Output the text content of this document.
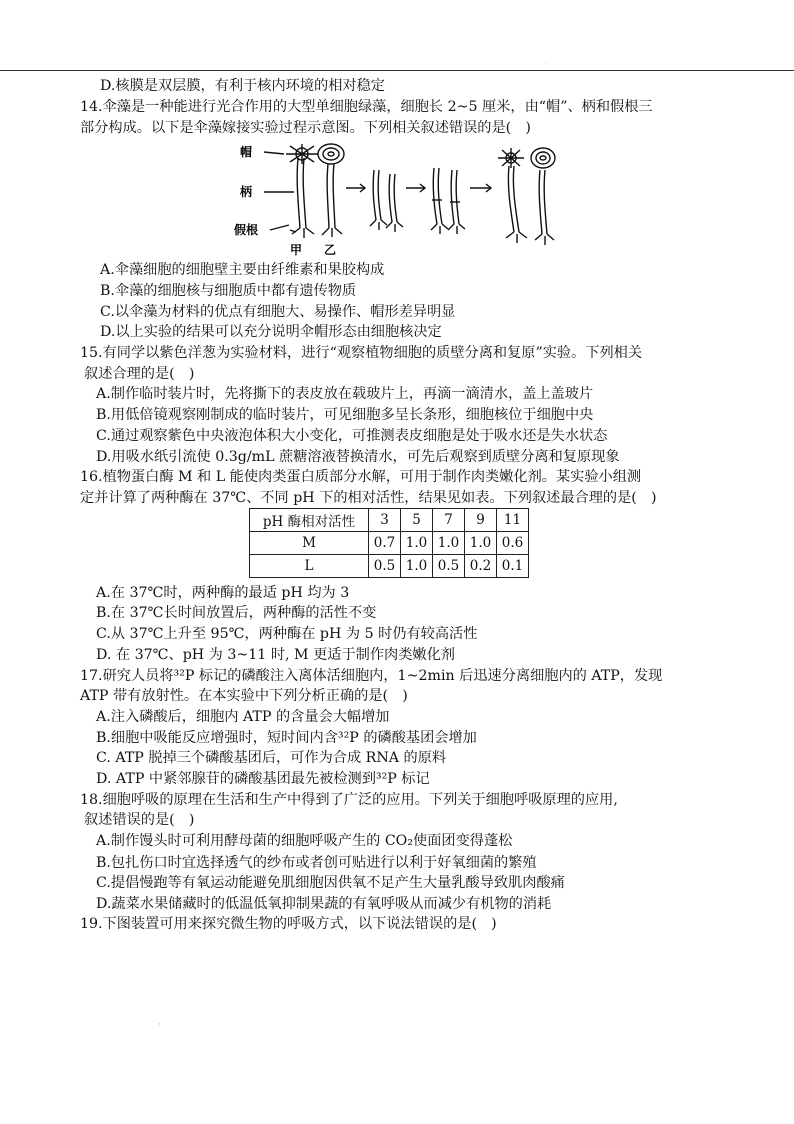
D.核膜是双层膜，有利于核内环境的相对稳定
14.伞藻是一种能进行光合作用的大型单细胞绿藻，细胞长 2~5 厘米，由“帽”、柄和假根三
部分构成。以下是伞藻嫁接实验过程示意图。下列相关叙述错误的是(　)
帽
柄
假根
甲 乙
A.伞藻细胞的细胞壁主要由纤维素和果胶构成
B.伞藻的细胞核与细胞质中都有遗传物质
C.以伞藻为材料的优点有细胞大、易操作、帽形差异明显
D.以上实验的结果可以充分说明伞帽形态由细胞核决定
15.有同学以紫色洋葱为实验材料，进行“观察植物细胞的质壁分离和复原”实验。下列相关
叙述合理的是(　)
A.制作临时装片时，先将撕下的表皮放在载玻片上，再滴一滴清水，盖上盖玻片
B.用低倍镜观察刚制成的临时装片，可见细胞多呈长条形，细胞核位于细胞中央
C.通过观察紫色中央液泡体积大小变化，可推测表皮细胞是处于吸水还是失水状态
D.用吸水纸引流使 0.3g/mL 蔗糖溶液替换清水，可先后观察到质壁分离和复原现象
16.植物蛋白酶 M 和 L 能使肉类蛋白质部分水解，可用于制作肉类嫩化剂。某实验小组测
定并计算了两种酶在 37℃、不同 pH 下的相对活性，结果见如表。下列叙述最合理的是(　)
pH 酶相对活性	3	5	7	9	11
M	0.7	1.0	1.0	1.0	0.6
L	0.5	1.0	0.5	0.2	0.1
A.在 37℃时，两种酶的最适 pH 均为 3
B.在 37℃长时间放置后，两种酶的活性不变
C.从 37℃上升至 95℃，两种酶在 pH 为 5 时仍有较高活性
D. 在 37℃、pH 为 3~11 时, M 更适于制作肉类嫩化剂
17.研究人员将³²P 标记的磷酸注入离体活细胞内，1~2min 后迅速分离细胞内的 ATP，发现
ATP 带有放射性。在本实验中下列分析正确的是(　)
A.注入磷酸后，细胞内 ATP 的含量会大幅增加
B.细胞中吸能反应增强时，短时间内含³²P 的磷酸基团会增加
C. ATP 脱掉三个磷酸基团后，可作为合成 RNA 的原料
D. ATP 中紧邻腺苷的磷酸基团最先被检测到³²P 标记
18.细胞呼吸的原理在生活和生产中得到了广泛的应用。下列关于细胞呼吸原理的应用,
叙述错误的是(　)
A.制作馒头时可利用酵母菌的细胞呼吸产生的 CO₂使面团变得蓬松
B.包扎伤口时宜选择透气的纱布或者创可贴进行以利于好氧细菌的繁殖
C.提倡慢跑等有氧运动能避免肌细胞因供氧不足产生大量乳酸导致肌肉酸痛
D.蔬菜水果储藏时的低温低氧抑制果蔬的有氧呼吸从而减少有机物的消耗
19.下图装置可用来探究微生物的呼吸方式，以下说法错误的是(　)
·
·
